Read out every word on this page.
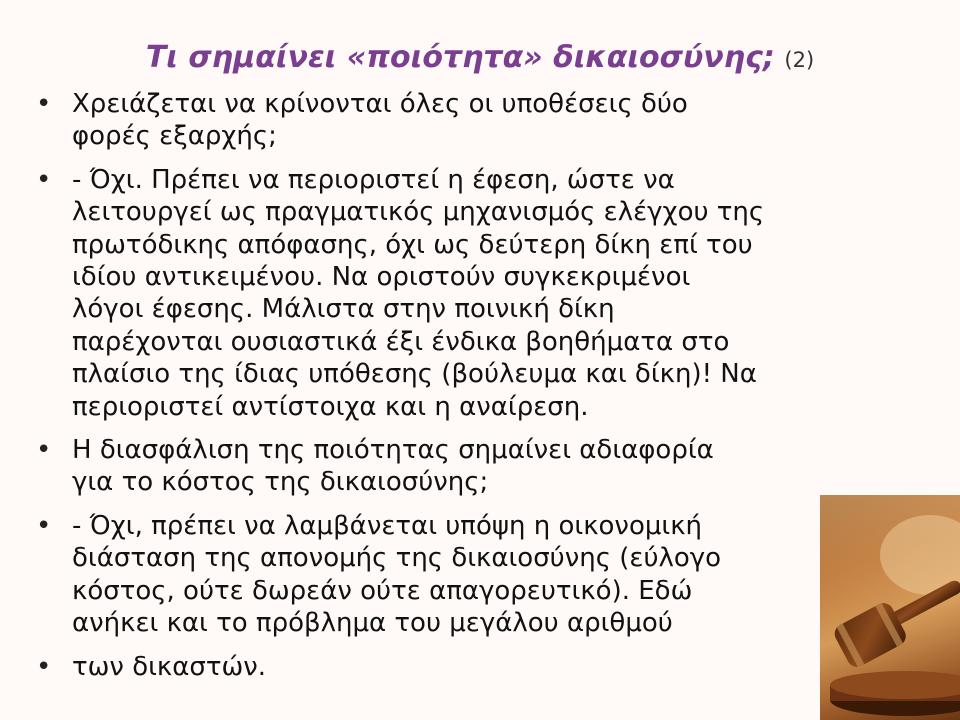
Τι σημαίνει «ποιότητα» δικαιοσύνης; (2)
• Χρειάζεται να κρίνονται όλες οι υποθέσεις δύο
φορές εξαρχής;
• - Όχι. Πρέπει να περιοριστεί η έφεση, ώστε να
λειτουργεί ως πραγματικός μηχανισμός ελέγχου της
πρωτόδικης απόφασης, όχι ως δεύτερη δίκη επί του
ιδίου αντικειμένου. Να οριστούν συγκεκριμένοι
λόγοι έφεσης. Μάλιστα στην ποινική δίκη
παρέχονται ουσιαστικά έξι ένδικα βοηθήματα στο
πλαίσιο της ίδιας υπόθεσης (βούλευμα και δίκη)! Να
περιοριστεί αντίστοιχα και η αναίρεση.
• Η διασφάλιση της ποιότητας σημαίνει αδιαφορία
για το κόστος της δικαιοσύνης;
• - Όχι, πρέπει να λαμβάνεται υπόψη η οικονομική
διάσταση της απονομής της δικαιοσύνης (εύλογο
κόστος, ούτε δωρεάν ούτε απαγορευτικό). Εδώ
ανήκει και το πρόβλημα του μεγάλου αριθμού
• των δικαστών.
